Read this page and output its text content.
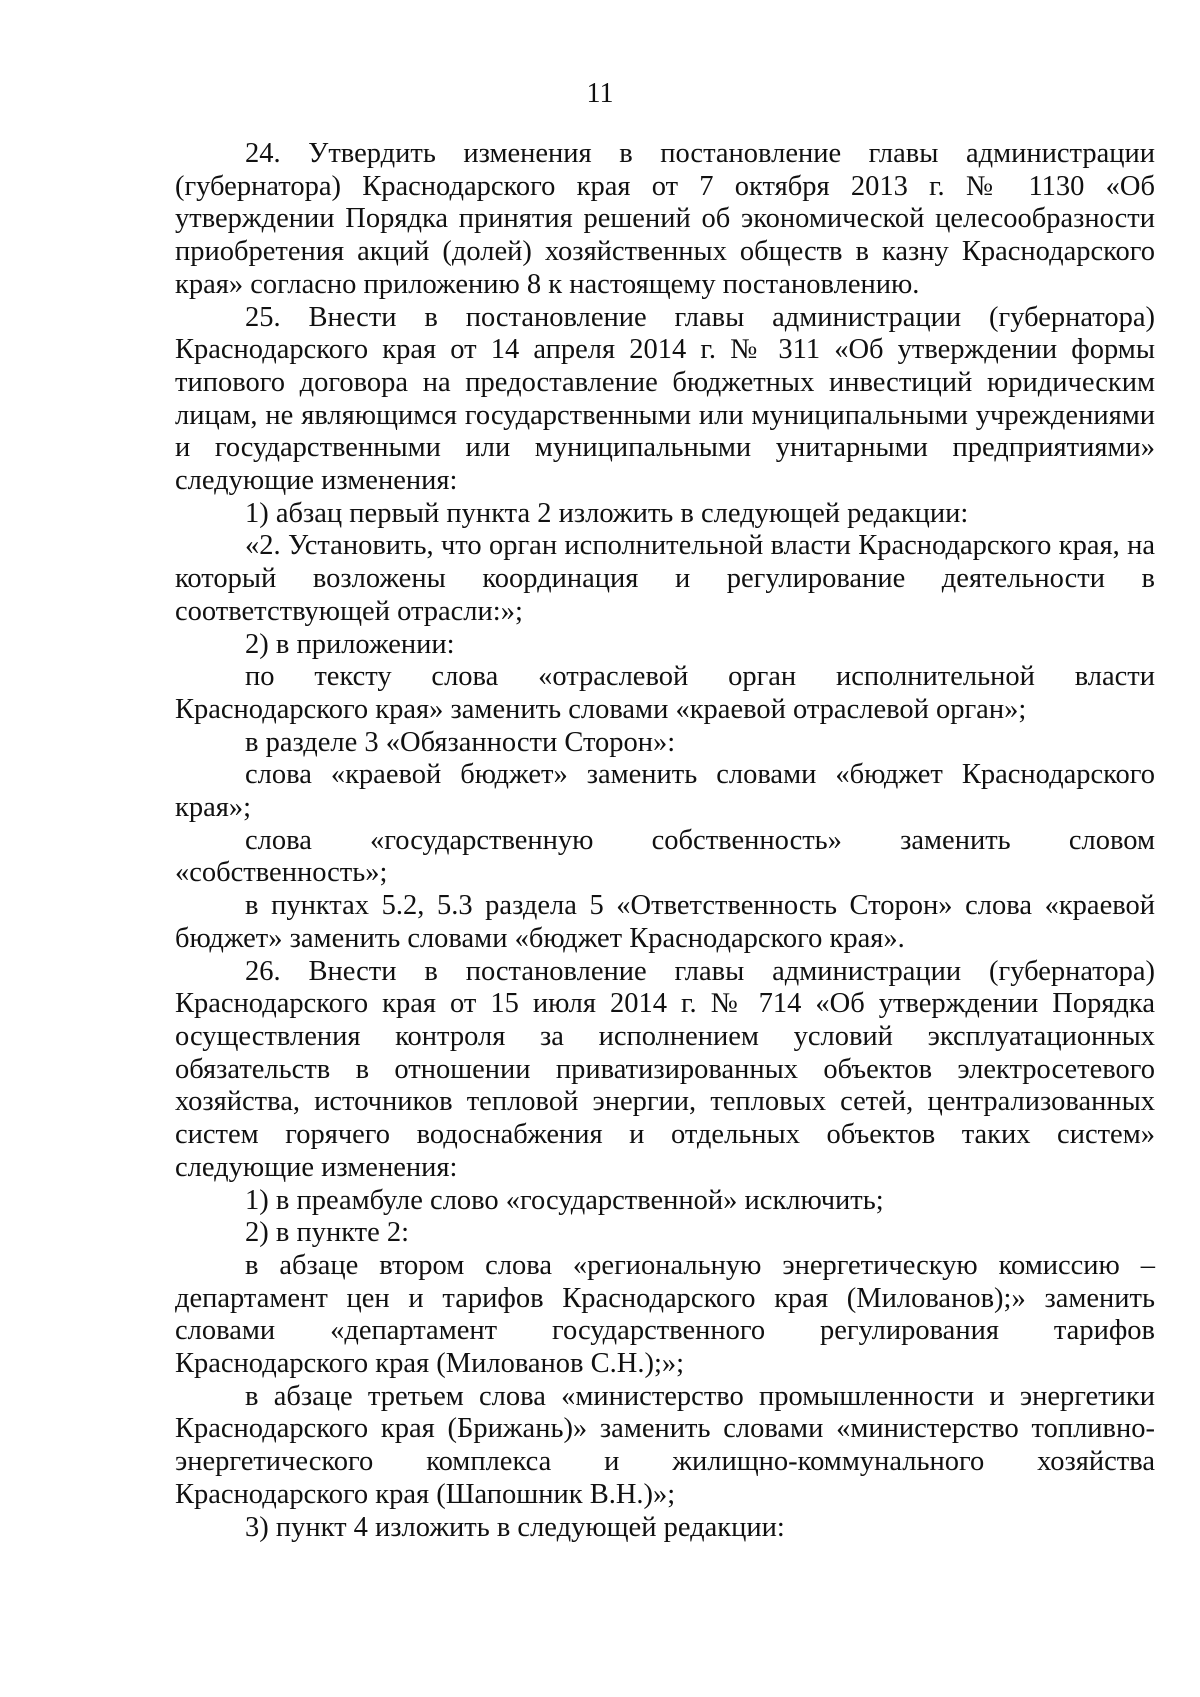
11

24. Утвердить изменения в постановление главы администрации (губернатора) Краснодарского края от 7 октября 2013 г. № 1130 «Об утверждении Порядка принятия решений об экономической целесообразности приобретения акций (долей) хозяйственных обществ в казну Краснодарского края» согласно приложению 8 к настоящему постановлению.

25. Внести в постановление главы администрации (губернатора) Краснодарского края от 14 апреля 2014 г. № 311 «Об утверждении формы типового договора на предоставление бюджетных инвестиций юридическим лицам, не являющимся государственными или муниципальными учреждениями и государственными или муниципальными унитарными предприятиями» следующие изменения:

1) абзац первый пункта 2 изложить в следующей редакции:

«2. Установить, что орган исполнительной власти Краснодарского края, на который возложены координация и регулирование деятельности в соответствующей отрасли:»;

2) в приложении:

по тексту слова «отраслевой орган исполнительной власти Краснодарского края» заменить словами «краевой отраслевой орган»;

в разделе 3 «Обязанности Сторон»:

слова «краевой бюджет» заменить словами «бюджет Краснодарского края»;

слова «государственную собственность» заменить словом «собственность»;

в пунктах 5.2, 5.3 раздела 5 «Ответственность Сторон» слова «краевой бюджет» заменить словами «бюджет Краснодарского края».

26. Внести в постановление главы администрации (губернатора) Краснодарского края от 15 июля 2014 г. № 714 «Об утверждении Порядка осуществления контроля за исполнением условий эксплуатационных обязательств в отношении приватизированных объектов электросетевого хозяйства, источников тепловой энергии, тепловых сетей, централизованных систем горячего водоснабжения и отдельных объектов таких систем» следующие изменения:

1) в преамбуле слово «государственной» исключить;

2) в пункте 2:

в абзаце втором слова «региональную энергетическую комиссию – департамент цен и тарифов Краснодарского края (Милованов);» заменить словами «департамент государственного регулирования тарифов Краснодарского края (Милованов С.Н.);»;

в абзаце третьем слова «министерство промышленности и энергетики Краснодарского края (Брижань)» заменить словами «министерство топливно-энергетического комплекса и жилищно-коммунального хозяйства Краснодарского края (Шапошник В.Н.)»;

3) пункт 4 изложить в следующей редакции:
